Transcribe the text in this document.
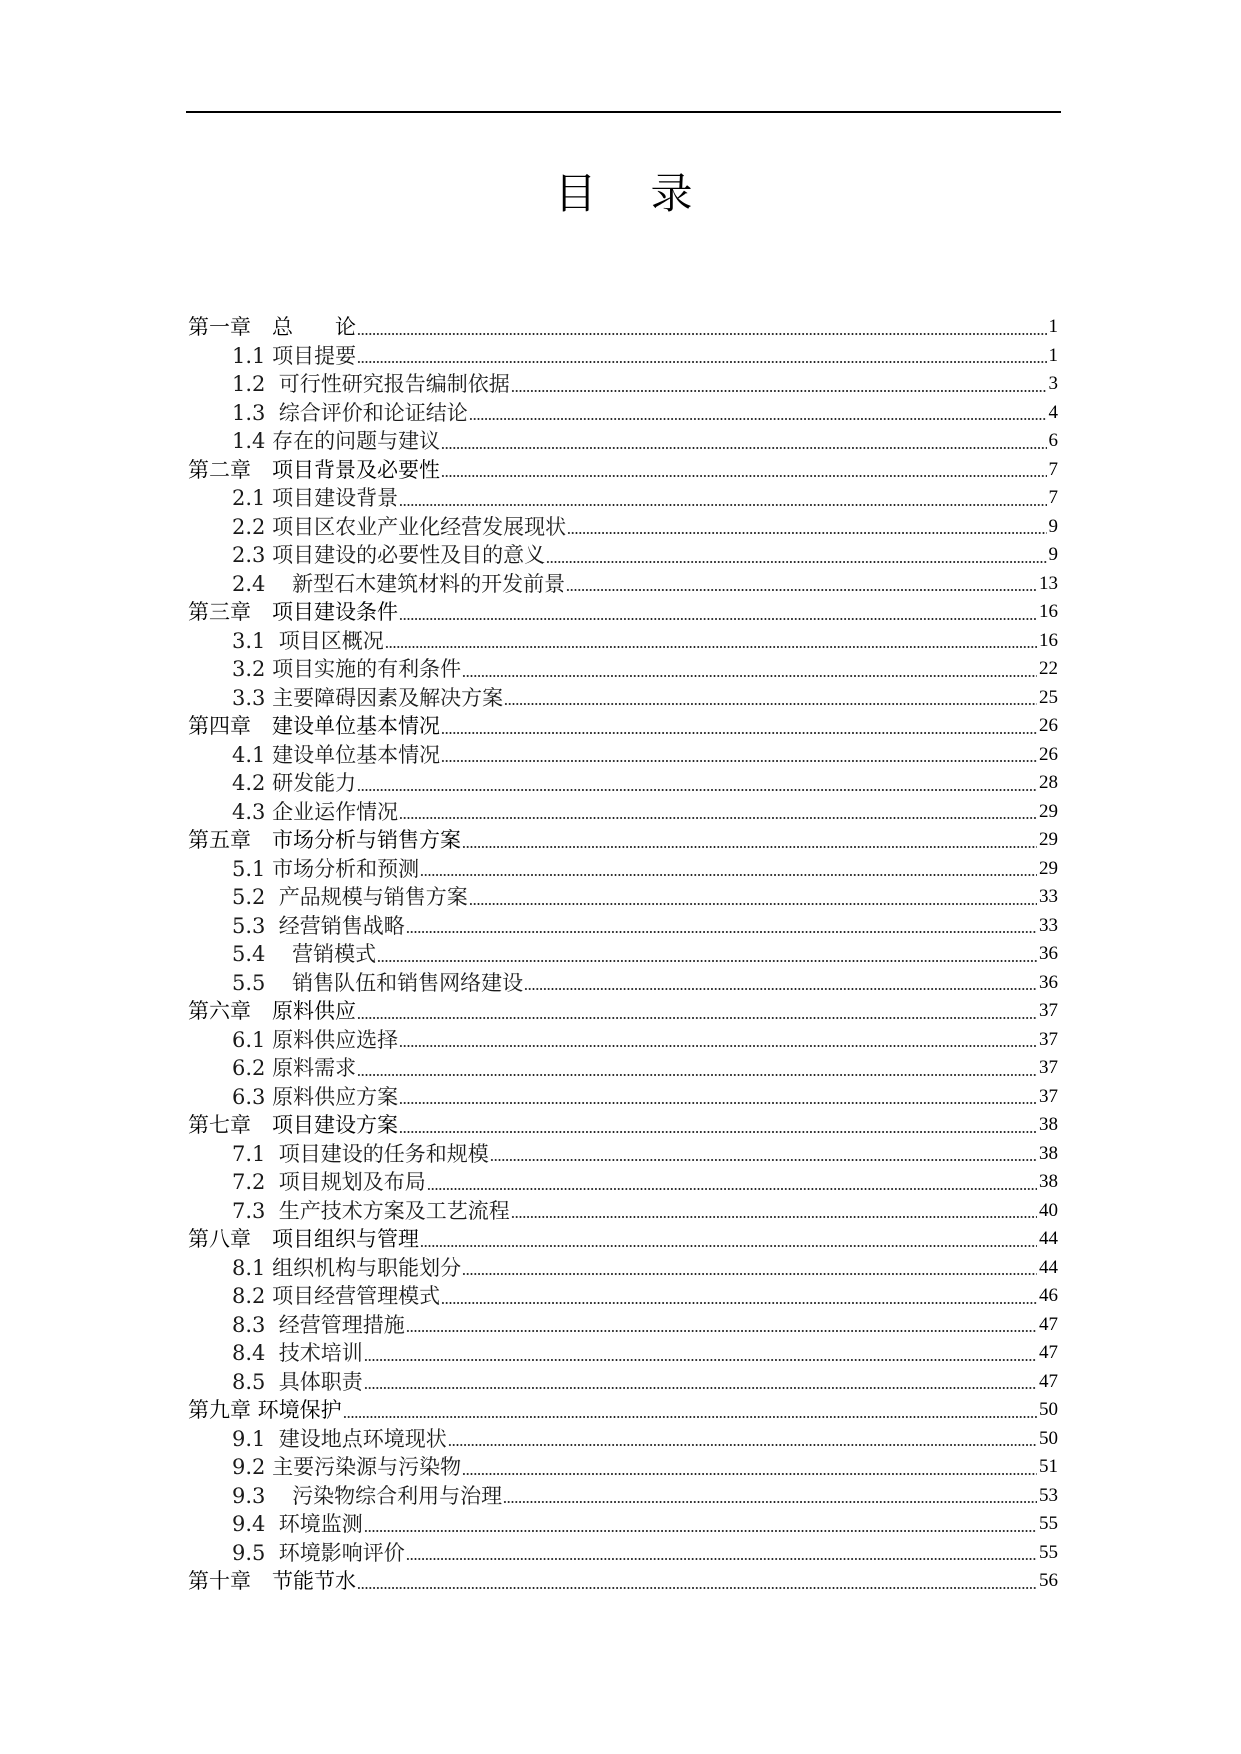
目　录
第一章　总　　论	1
1.1 项目提要	1
1.2  可行性研究报告编制依据	3
1.3  综合评价和论证结论	4
1.4 存在的问题与建议	6
第二章　项目背景及必要性	7
2.1 项目建设背景	7
2.2 项目区农业产业化经营发展现状	9
2.3 项目建设的必要性及目的意义	9
2.4    新型石木建筑材料的开发前景	13
第三章　项目建设条件	16
3.1  项目区概况	16
3.2 项目实施的有利条件	22
3.3 主要障碍因素及解决方案	25
第四章　建设单位基本情况	26
4.1 建设单位基本情况	26
4.2 研发能力	28
4.3 企业运作情况	29
第五章　市场分析与销售方案	29
5.1 市场分析和预测	29
5.2  产品规模与销售方案	33
5.3  经营销售战略	33
5.4    营销模式	36
5.5    销售队伍和销售网络建设	36
第六章　原料供应	37
6.1 原料供应选择	37
6.2 原料需求	37
6.3 原料供应方案	37
第七章　项目建设方案	38
7.1  项目建设的任务和规模	38
7.2  项目规划及布局	38
7.3  生产技术方案及工艺流程	40
第八章　项目组织与管理	44
8.1 组织机构与职能划分	44
8.2 项目经营管理模式	46
8.3  经营管理措施	47
8.4  技术培训	47
8.5  具体职责	47
第九章 环境保护	50
9.1  建设地点环境现状	50
9.2 主要污染源与污染物	51
9.3    污染物综合利用与治理	53
9.4  环境监测	55
9.5  环境影响评价	55
第十章　节能节水	56
